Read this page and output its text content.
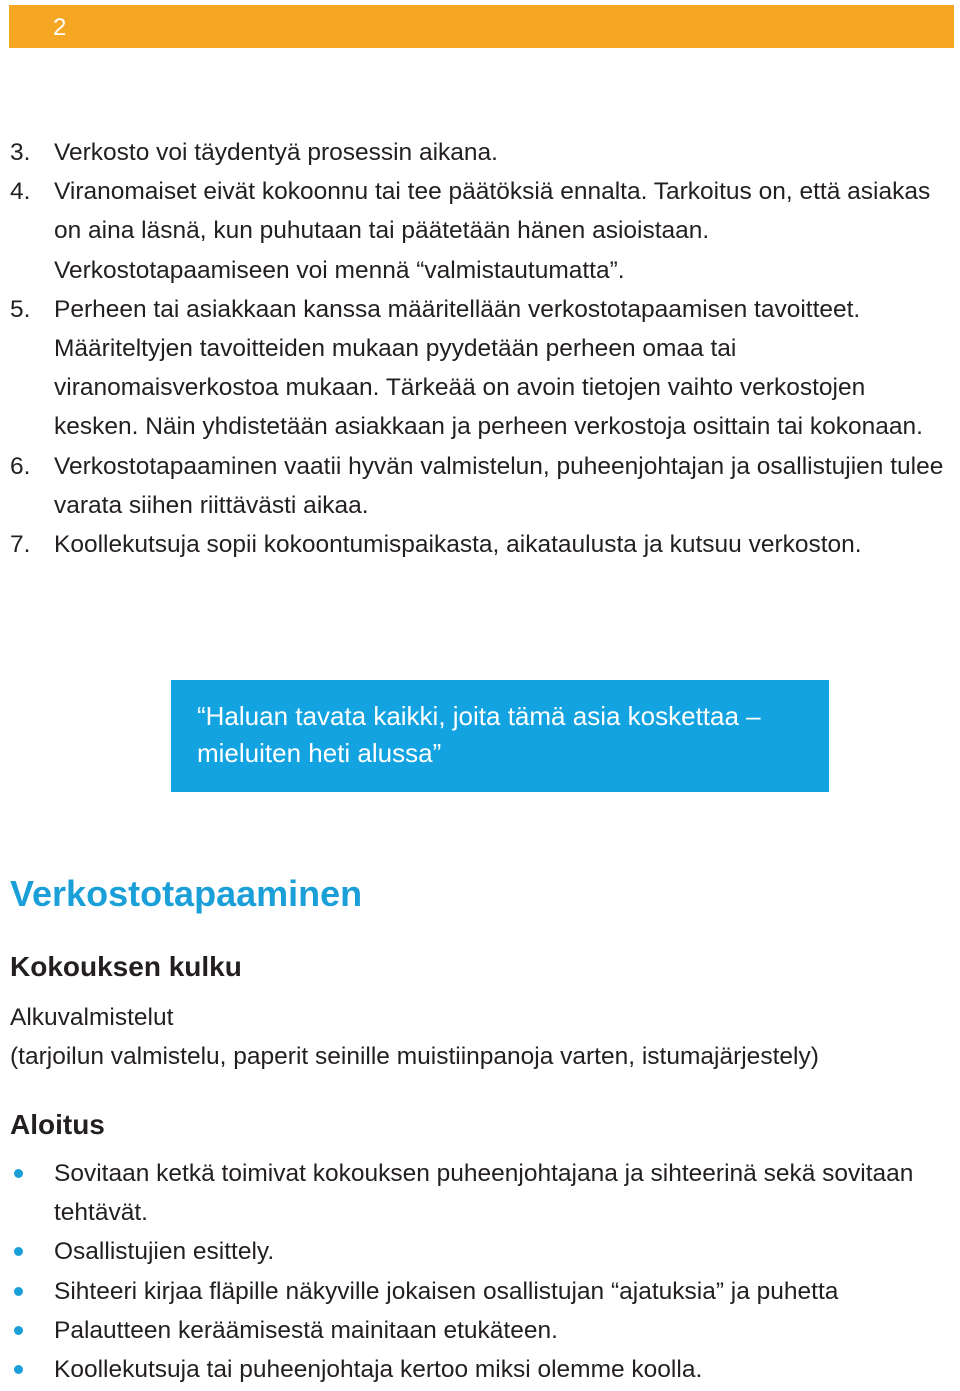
2
3. Verkosto voi täydentyä prosessin aikana.
4. Viranomaiset eivät kokoonnu tai tee päätöksiä ennalta. Tarkoitus on, että asiakas on aina läsnä, kun puhutaan tai päätetään hänen asioistaan. Verkostotapaamiseen voi mennä “valmistautumatta”.
5. Perheen tai asiakkaan kanssa määritellään verkostotapaamisen tavoitteet. Määriteltyjen tavoitteiden mukaan pyydetään perheen omaa tai viranomaisverkostoa mukaan. Tärkeää on avoin tietojen vaihto verkostojen kesken. Näin yhdistetään asiakkaan ja perheen verkostoja osittain tai kokonaan.
6. Verkostotapaaminen vaatii hyvän valmistelun, puheenjohtajan ja osallistujien tulee varata siihen riittävästi aikaa.
7. Koollekutsuja sopii kokoontumispaikasta, aikataulusta ja kutsuu verkoston.
“Haluan tavata kaikki, joita tämä asia koskettaa – mieluiten heti alussa”
Verkostotapaaminen
Kokouksen kulku

Alkuvalmistelut

(tarjoilun valmistelu, paperit seinille muistiinpanoja varten, istumajärjestely)

Aloitus
Sovitaan ketkä toimivat kokouksen puheenjohtajana ja sihteerinä sekä sovitaan tehtävät.
Osallistujien esittely.
Sihteeri kirjaa fläpille näkyville jokaisen osallistujan “ajatuksia” ja puhetta
Palautteen keräämisestä mainitaan etukäteen.
Koollekutsuja tai puheenjohtaja kertoo miksi olemme koolla.
